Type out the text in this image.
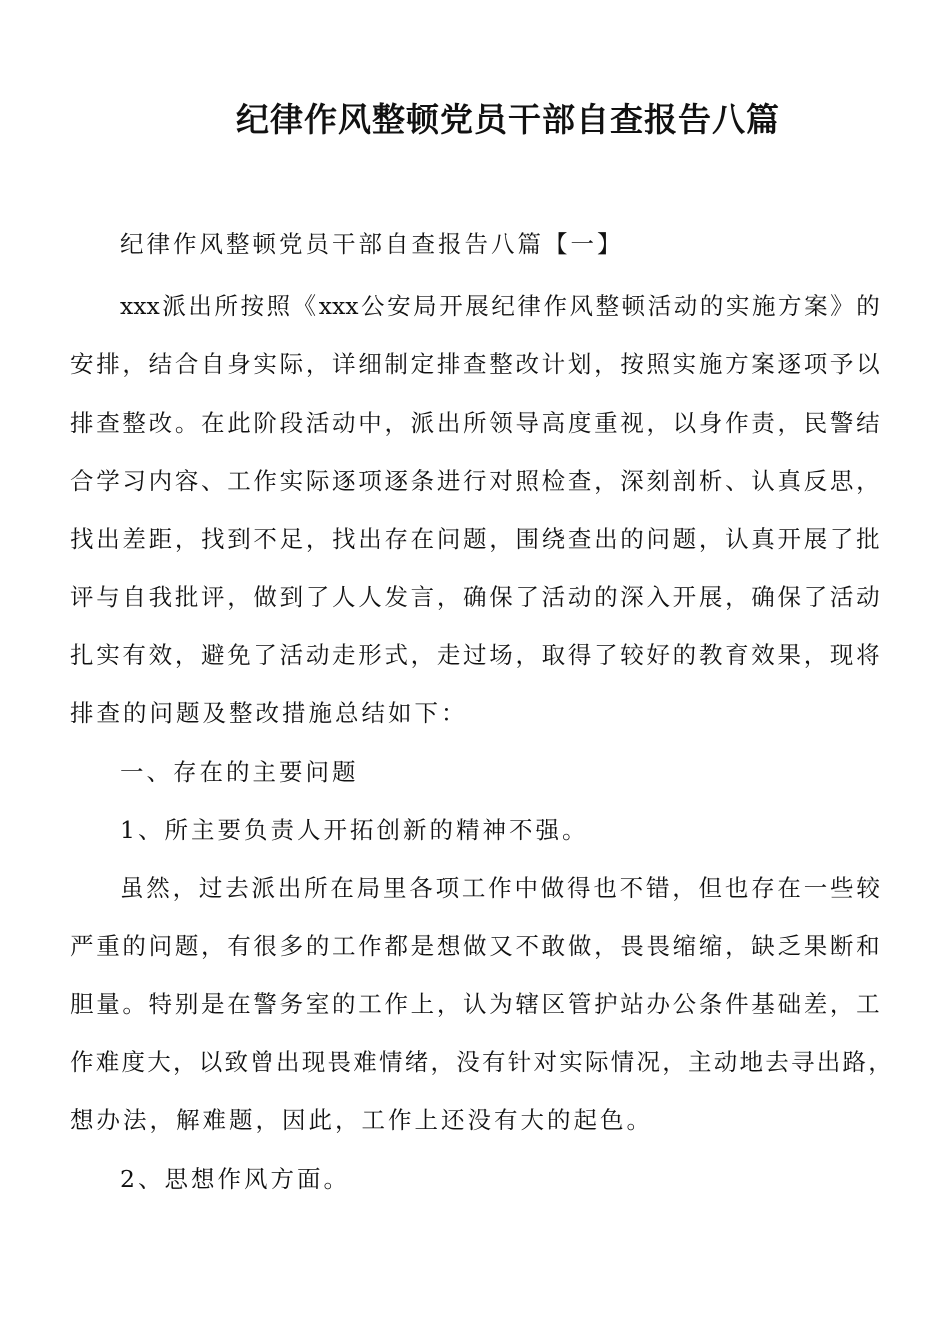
纪律作风整顿党员干部自查报告八篇
纪律作风整顿党员干部自查报告八篇【一】
xxx 派 出 所 按 照 《 xxx 公 安 局 开 展 纪 律 作 风 整 顿 活 动 的 实 施 方 案 》 的
安 排 ， 结 合 自 身 实 际 ， 详 细 制 定 排 查 整 改 计 划 ， 按 照 实 施 方 案 逐 项 予 以
排 查 整 改 。 在 此 阶 段 活 动 中 ， 派 出 所 领 导 高 度 重 视 ， 以 身 作 责 ， 民 警 结
合 学 习 内 容 、 工 作 实 际 逐 项 逐 条 进 行 对 照 检 查 ， 深 刻 剖 析 、 认 真 反 思 ，
找 出 差 距 ， 找 到 不 足 ， 找 出 存 在 问 题 ， 围 绕 查 出 的 问 题 ， 认 真 开 展 了 批
评 与 自 我 批 评 ， 做 到 了 人 人 发 言 ， 确 保 了 活 动 的 深 入 开 展 ， 确 保 了 活 动
扎 实 有 效 ， 避 免 了 活 动 走 形 式 ， 走 过 场 ， 取 得 了 较 好 的 教 育 效 果 ， 现 将
排查的问题及整改措施总结如下：
一、存在的主要问题
1、所主要负责人开拓创新的精神不强。
虽 然 ， 过 去 派 出 所 在 局 里 各 项 工 作 中 做 得 也 不 错 ， 但 也 存 在 一 些 较
严 重 的 问 题 ， 有 很 多 的 工 作 都 是 想 做 又 不 敢 做 ， 畏 畏 缩 缩 ， 缺 乏 果 断 和
胆 量 。 特 别 是 在 警 务 室 的 工 作 上 ， 认 为 辖 区 管 护 站 办 公 条 件 基 础 差 ， 工
作 难 度 大 ， 以 致 曾 出 现 畏 难 情 绪 ， 没 有 针 对 实 际 情 况 ， 主 动 地 去 寻 出 路 ，
想办法，解难题，因此，工作上还没有大的起色。
2、思想作风方面。
